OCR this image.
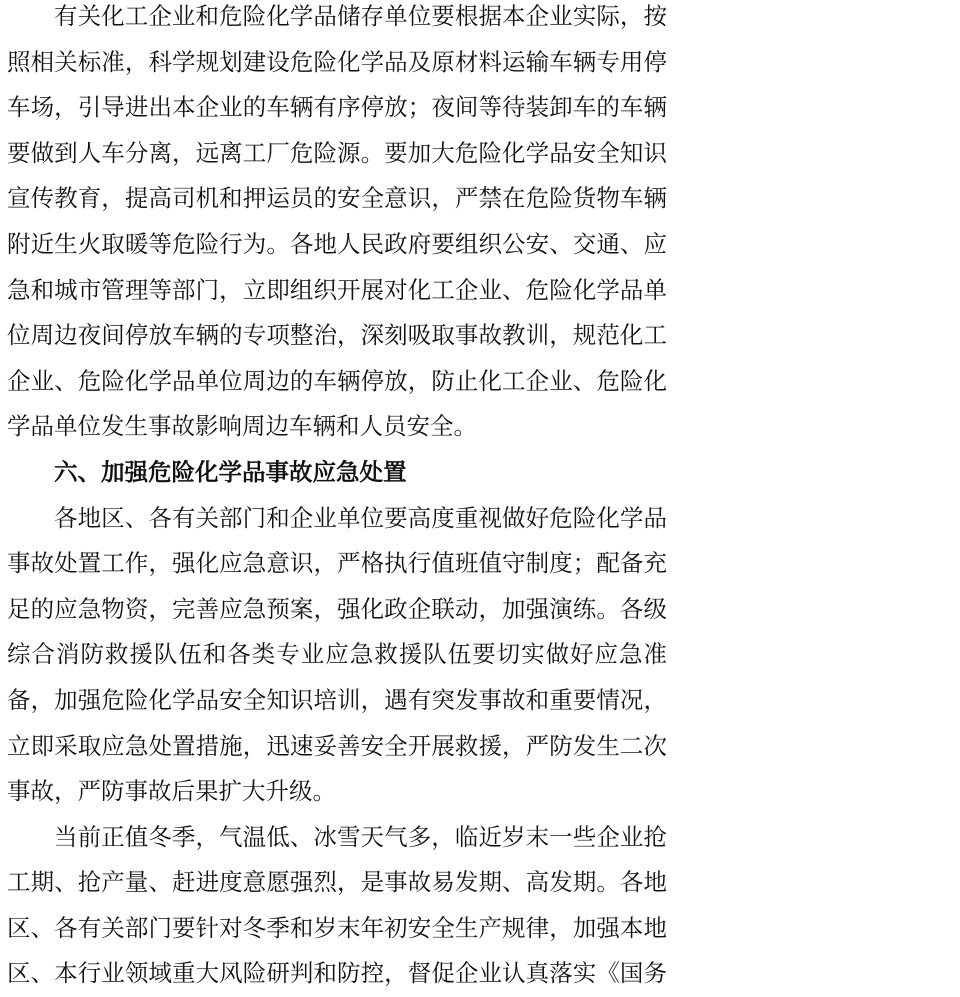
有关化工企业和危险化学品储存单位要根据本企业实际，按
照相关标准，科学规划建设危险化学品及原材料运输车辆专用停
车场，引导进出本企业的车辆有序停放；夜间等待装卸车的车辆
要做到人车分离，远离工厂危险源。要加大危险化学品安全知识
宣传教育，提高司机和押运员的安全意识，严禁在危险货物车辆
附近生火取暖等危险行为。各地人民政府要组织公安、交通、应
急和城市管理等部门，立即组织开展对化工企业、危险化学品单
位周边夜间停放车辆的专项整治，深刻吸取事故教训，规范化工
企业、危险化学品单位周边的车辆停放，防止化工企业、危险化
学品单位发生事故影响周边车辆和人员安全。
六、加强危险化学品事故应急处置
各地区、各有关部门和企业单位要高度重视做好危险化学品
事故处置工作，强化应急意识，严格执行值班值守制度；配备充
足的应急物资，完善应急预案，强化政企联动，加强演练。各级
综合消防救援队伍和各类专业应急救援队伍要切实做好应急准
备，加强危险化学品安全知识培训，遇有突发事故和重要情况，
立即采取应急处置措施，迅速妥善安全开展救援，严防发生二次
事故，严防事故后果扩大升级。
当前正值冬季，气温低、冰雪天气多，临近岁末一些企业抢
工期、抢产量、赶进度意愿强烈，是事故易发期、高发期。各地
区、各有关部门要针对冬季和岁末年初安全生产规律，加强本地
区、本行业领域重大风险研判和防控，督促企业认真落实《国务
